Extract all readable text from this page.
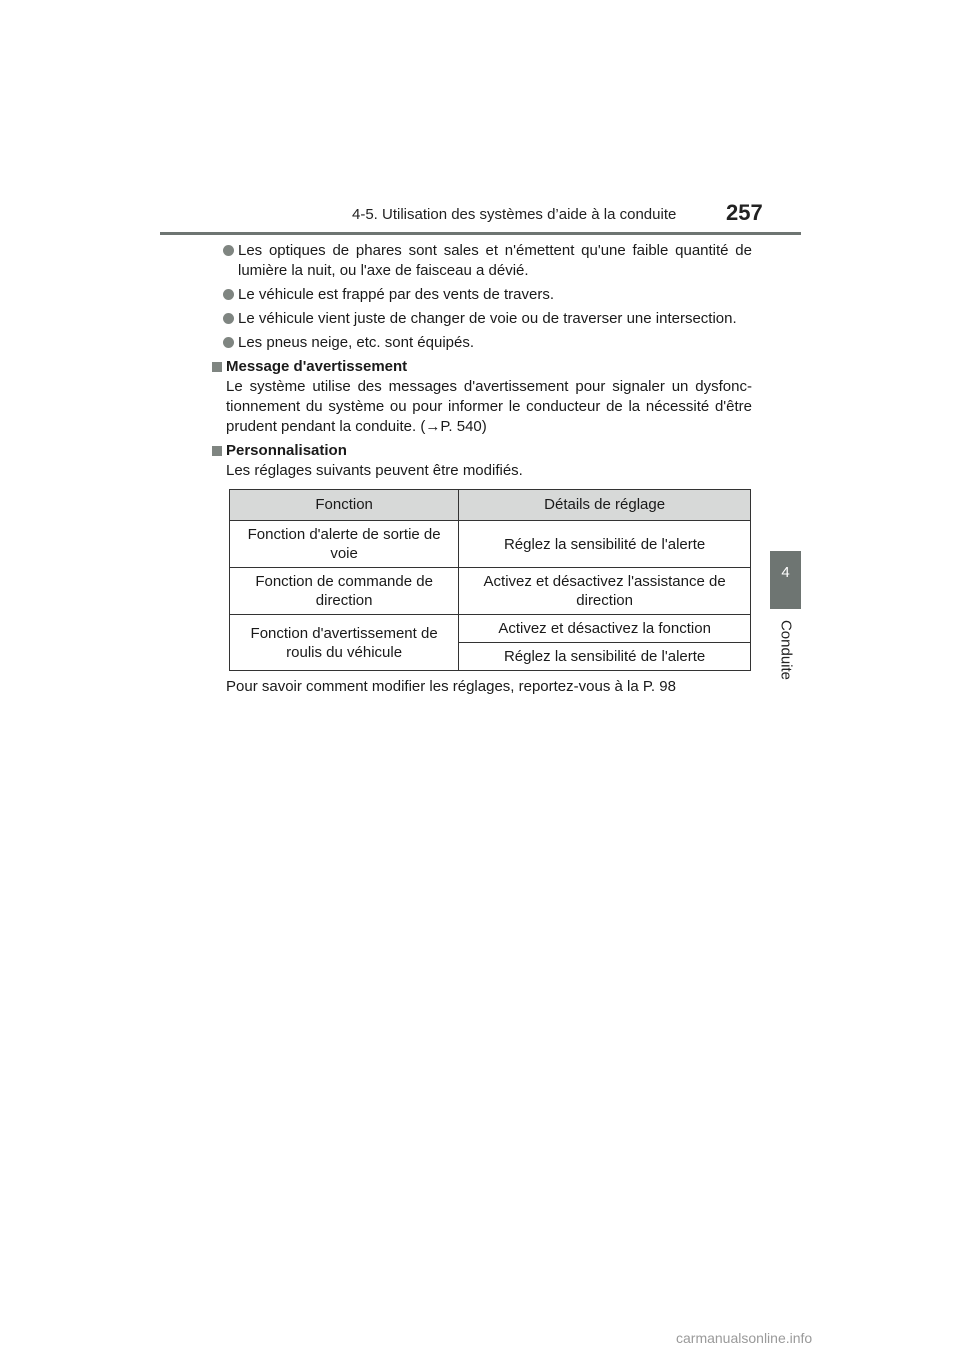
4-5. Utilisation des systèmes d’aide à la conduite 257
4
Conduite
Les optiques de phares sont sales et n'émettent qu'une faible quantité de lumière la nuit, ou l'axe de faisceau a dévié.
Le véhicule est frappé par des vents de travers.
Le véhicule vient juste de changer de voie ou de traverser une intersection.
Les pneus neige, etc. sont équipés.
Message d'avertissement
Le système utilise des messages d'avertissement pour signaler un dysfonc-tionnement du système ou pour informer le conducteur de la nécessité d'être prudent pendant la conduite. (→P. 540)
Personnalisation
Les réglages suivants peuvent être modifiés.
Fonction	Détails de réglage
Fonction d'alerte de sortie de voie	Réglez la sensibilité de l'alerte
Fonction de commande de direction	Activez et désactivez l'assistance de direction
Fonction d'avertissement de roulis du véhicule	Activez et désactivez la fonction
	Réglez la sensibilité de l'alerte
Pour savoir comment modifier les réglages, reportez-vous à la P. 98
carmanualsonline.info
